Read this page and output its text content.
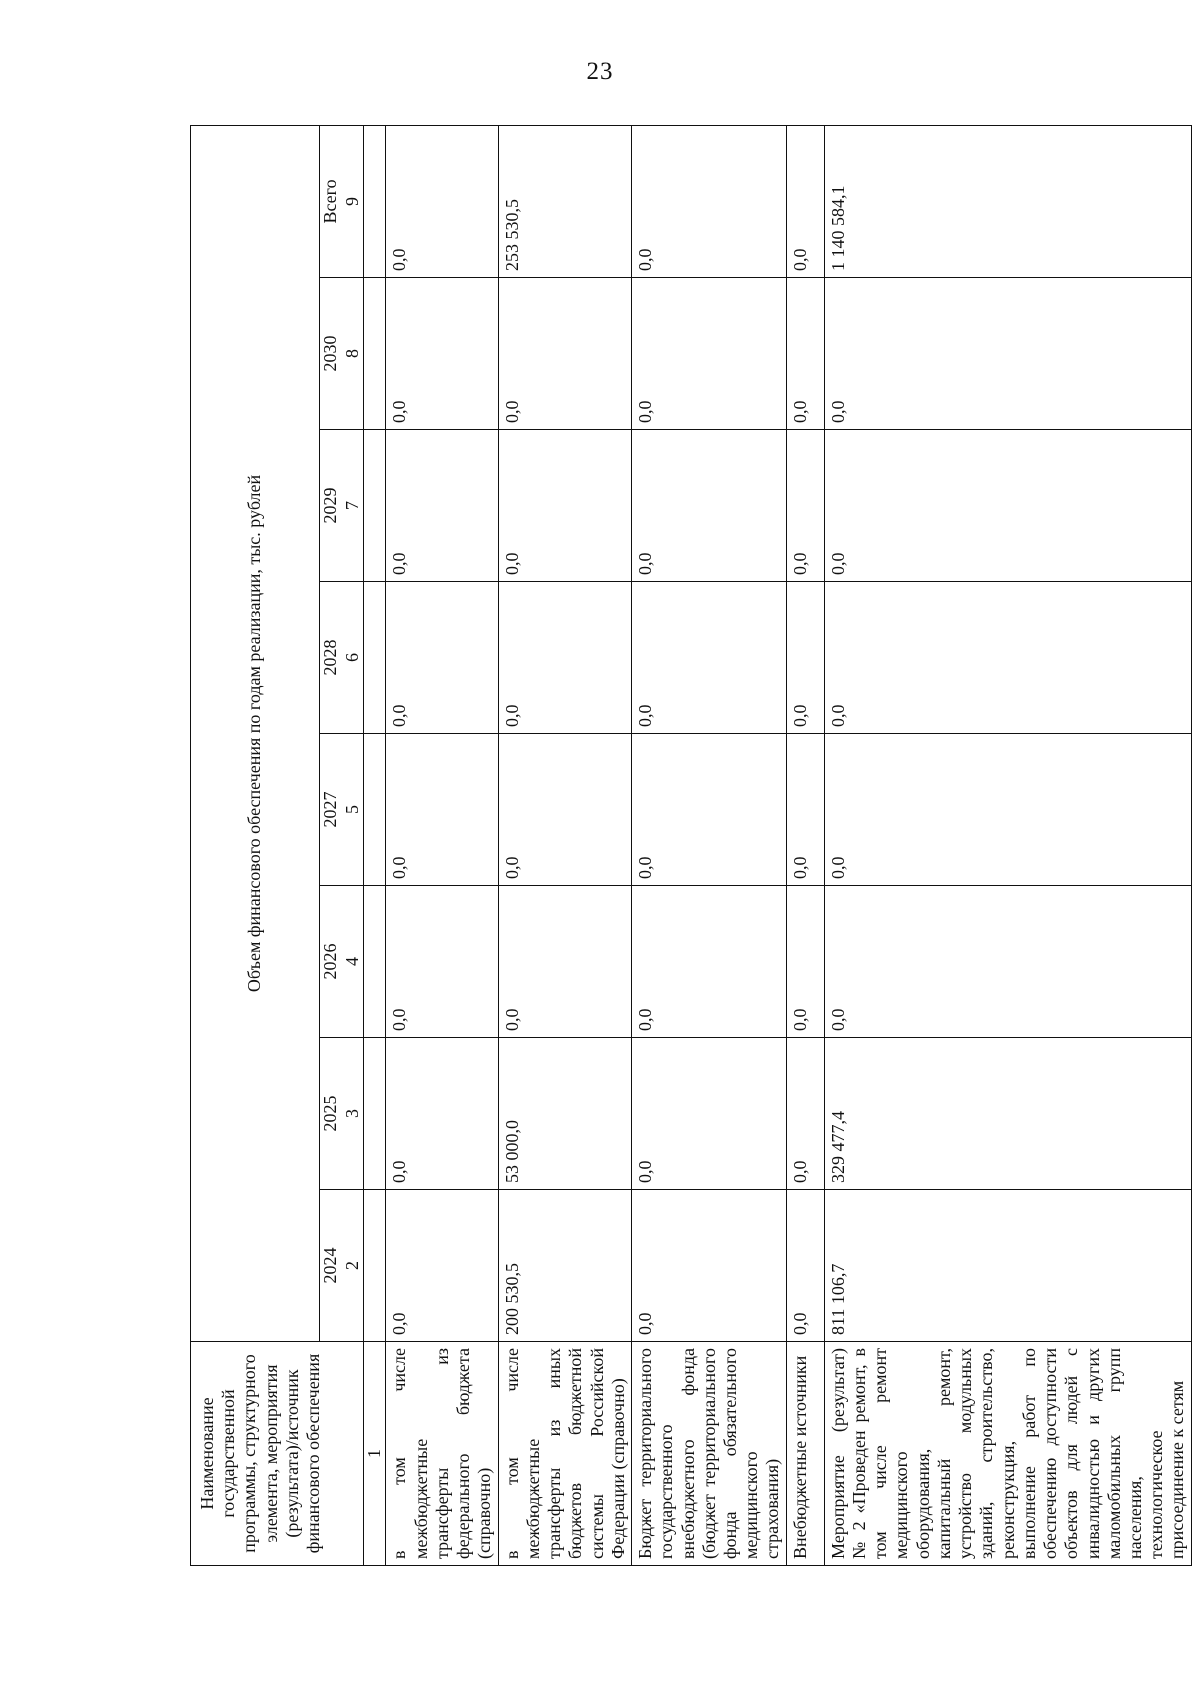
23
Наименование государственной программы, структурного элемента, мероприятия (результата)/источник финансового обеспечения	Объем финансового обеспечения по годам реализации, тыс. рублей							
	2024	2025	2026	2027	2028	2029	2030	Всего
	2	3	4	5	6	7	8	9
1								
в том числе межбюджетные трансферты из федерального бюджета (справочно)	0,0	0,0	0,0	0,0	0,0	0,0	0,0	0,0
в том числе межбюджетные трансферты из иных бюджетов бюджетной системы Российской Федерации (справочно)	200 530,5	53 000,0	0,0	0,0	0,0	0,0	0,0	253 530,5
Бюджет территориального государственного внебюджетного фонда (бюджет территориального фонда обязательного медицинского страхования)	0,0	0,0	0,0	0,0	0,0	0,0	0,0	0,0
Внебюджетные источники	0,0	0,0	0,0	0,0	0,0	0,0	0,0	0,0
Мероприятие (результат) № 2 «Проведен ремонт, в том числе ремонт медицинского оборудования, капитальный ремонт, устройство модульных зданий, строительство, реконструкция, выполнение работ по обеспечению доступности объектов для людей с инвалидностью и других маломобильных групп населения, технологическое присоединение к сетям	811 106,7	329 477,4	0,0	0,0	0,0	0,0	0,0	1 140 584,1
